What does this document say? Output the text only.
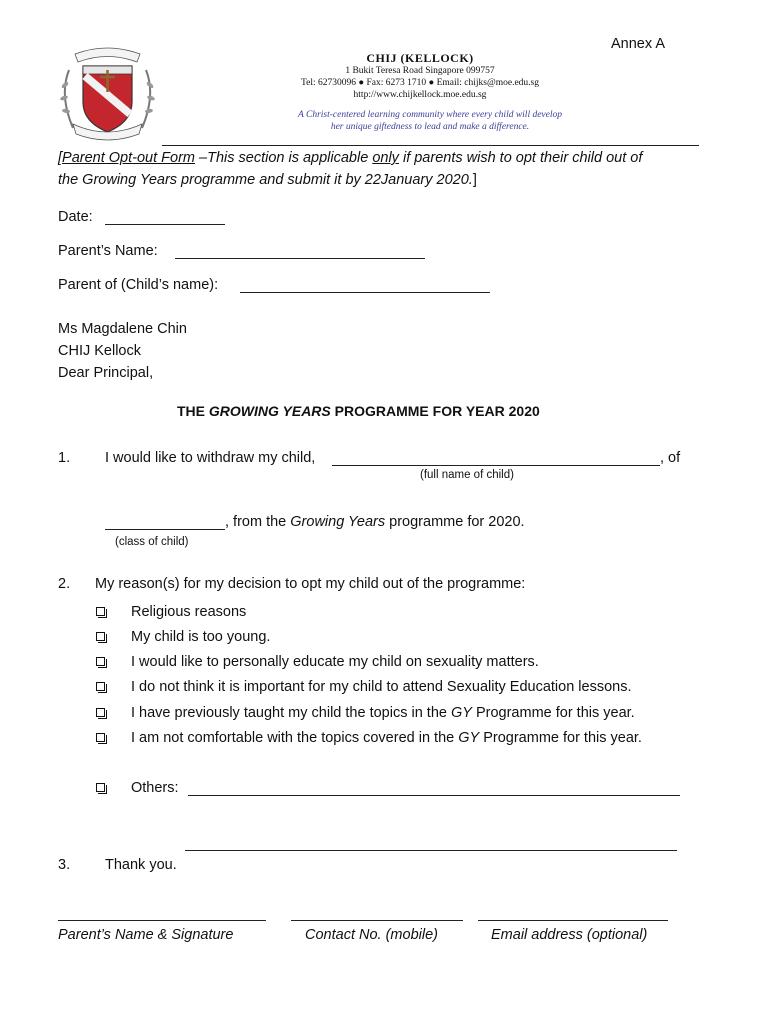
Annex A
CHIJ (KELLOCK)
1 Bukit Teresa Road Singapore 099757
Tel: 62730096 ● Fax: 6273 1710 ● Email: chijks@moe.edu.sg
http://www.chijkellock.moe.edu.sg
A Christ-centered learning community where every child will develop
her unique giftedness to lead and make a difference.
[Parent Opt-out Form –This section is applicable only if parents wish to opt their child out of
the Growing Years programme and submit it by 22January 2020.]
Date:
Parent’s Name:
Parent of (Child’s name):
Ms Magdalene Chin
CHIJ Kellock
Dear Principal,
THE GROWING YEARS PROGRAMME FOR YEAR 2020
1. I would like to withdraw my child,	, of
(full name of child)
, from the Growing Years programme for 2020.
(class of child)
2. My reason(s) for my decision to opt my child out of the programme:
Religious reasons
My child is too young.
I would like to personally educate my child on sexuality matters.
I do not think it is important for my child to attend Sexuality Education lessons.
I have previously taught my child the topics in the GY Programme for this year.
I am not comfortable with the topics covered in the GY Programme for this year.
Others:
3. Thank you.
Parent’s Name & Signature	Contact No. (mobile)	Email address (optional)
